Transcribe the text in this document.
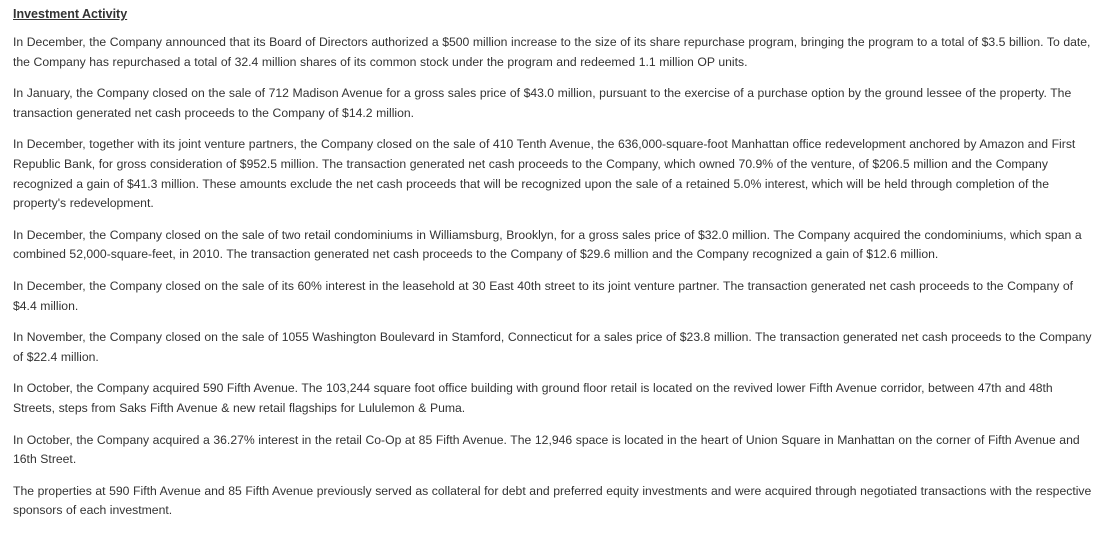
Investment Activity

In December, the Company announced that its Board of Directors authorized a $500 million increase to the size of its share repurchase program, bringing the program to a total of $3.5 billion. To date, the Company has repurchased a total of 32.4 million shares of its common stock under the program and redeemed 1.1 million OP units.

In January, the Company closed on the sale of 712 Madison Avenue for a gross sales price of $43.0 million, pursuant to the exercise of a purchase option by the ground lessee of the property. The transaction generated net cash proceeds to the Company of $14.2 million.

In December, together with its joint venture partners, the Company closed on the sale of 410 Tenth Avenue, the 636,000-square-foot Manhattan office redevelopment anchored by Amazon and First Republic Bank, for gross consideration of $952.5 million. The transaction generated net cash proceeds to the Company, which owned 70.9% of the venture, of $206.5 million and the Company recognized a gain of $41.3 million. These amounts exclude the net cash proceeds that will be recognized upon the sale of a retained 5.0% interest, which will be held through completion of the property's redevelopment.

In December, the Company closed on the sale of two retail condominiums in Williamsburg, Brooklyn, for a gross sales price of $32.0 million. The Company acquired the condominiums, which span a combined 52,000-square-feet, in 2010. The transaction generated net cash proceeds to the Company of $29.6 million and the Company recognized a gain of $12.6 million.

In December, the Company closed on the sale of its 60% interest in the leasehold at 30 East 40th street to its joint venture partner. The transaction generated net cash proceeds to the Company of $4.4 million.

In November, the Company closed on the sale of 1055 Washington Boulevard in Stamford, Connecticut for a sales price of $23.8 million. The transaction generated net cash proceeds to the Company of $22.4 million.

In October, the Company acquired 590 Fifth Avenue. The 103,244 square foot office building with ground floor retail is located on the revived lower Fifth Avenue corridor, between 47th and 48th Streets, steps from Saks Fifth Avenue & new retail flagships for Lululemon & Puma.

In October, the Company acquired a 36.27% interest in the retail Co-Op at 85 Fifth Avenue. The 12,946 space is located in the heart of Union Square in Manhattan on the corner of Fifth Avenue and 16th Street.

The properties at 590 Fifth Avenue and 85 Fifth Avenue previously served as collateral for debt and preferred equity investments and were acquired through negotiated transactions with the respective sponsors of each investment.
